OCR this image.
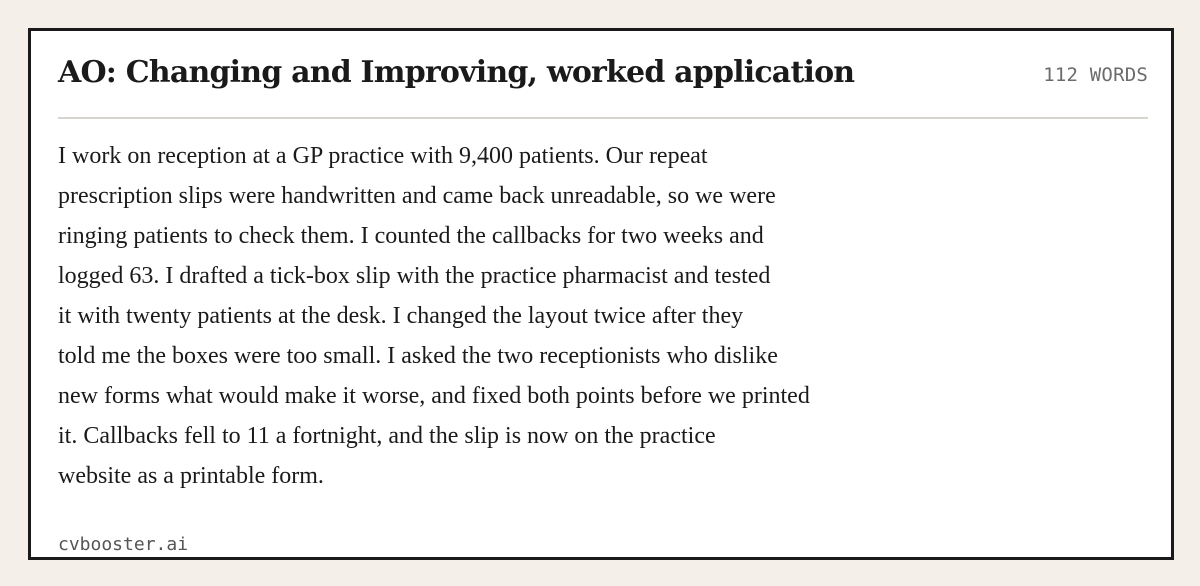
AO: Changing and Improving, worked application	112 WORDS

I work on reception at a GP practice with 9,400 patients. Our repeat
prescription slips were handwritten and came back unreadable, so we were
ringing patients to check them. I counted the callbacks for two weeks and
logged 63. I drafted a tick-box slip with the practice pharmacist and tested
it with twenty patients at the desk. I changed the layout twice after they
told me the boxes were too small. I asked the two receptionists who dislike
new forms what would make it worse, and fixed both points before we printed
it. Callbacks fell to 11 a fortnight, and the slip is now on the practice
website as a printable form.

cvbooster.ai
